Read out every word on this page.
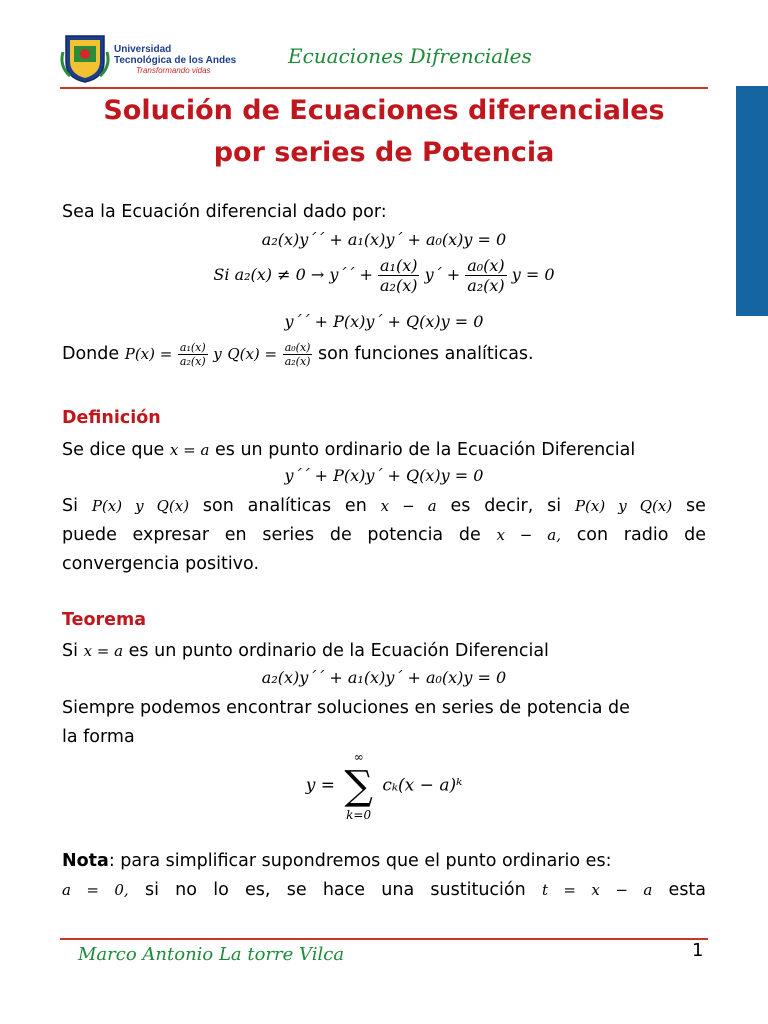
Universidad
Tecnológica de los Andes
Transformando vidas
Ecuaciones Difrenciales
Solución de Ecuaciones diferenciales
por series de Potencia
Sea la Ecuación diferencial dado por:
a₂(x)y´´ + a₁(x)y´ + a₀(x)y = 0
Si a₂(x) ≠ 0 → y´´ + $\frac{\text{a₁(x)}}{\text{a₂(x)}}$ y´ + $\frac{\text{a₀(x)}}{\text{a₂(x)}}$ y = 0
y´´ + P(x)y´ + Q(x)y = 0
Donde $P(x) = \frac{\text{a₁(x)}}{\text{a₂(x)}}$ y $Q(x) = \frac{\text{a₀(x)}}{\text{a₂(x)}}$ son funciones analíticas.
Definición
Se dice que x = a es un punto ordinario de la Ecuación Diferencial
y´´ + P(x)y´ + Q(x)y = 0
Si P(x) y Q(x) son analíticas en x − a es decir, si P(x) y Q(x) se
puede expresar en series de potencia de x − a, con radio de
convergencia positivo.
Teorema
Si x = a es un punto ordinario de la Ecuación Diferencial
a₂(x)y´´ + a₁(x)y´ + a₀(x)y = 0
Siempre podemos encontrar soluciones en series de potencia de
la forma
y =
∞
∑
k=0
cₖ(x − a)ᵏ
Nota: para simplificar supondremos que el punto ordinario es:
a = 0, si no lo es, se hace una sustitución t = x − a esta
Marco Antonio La torre Vilca	1
